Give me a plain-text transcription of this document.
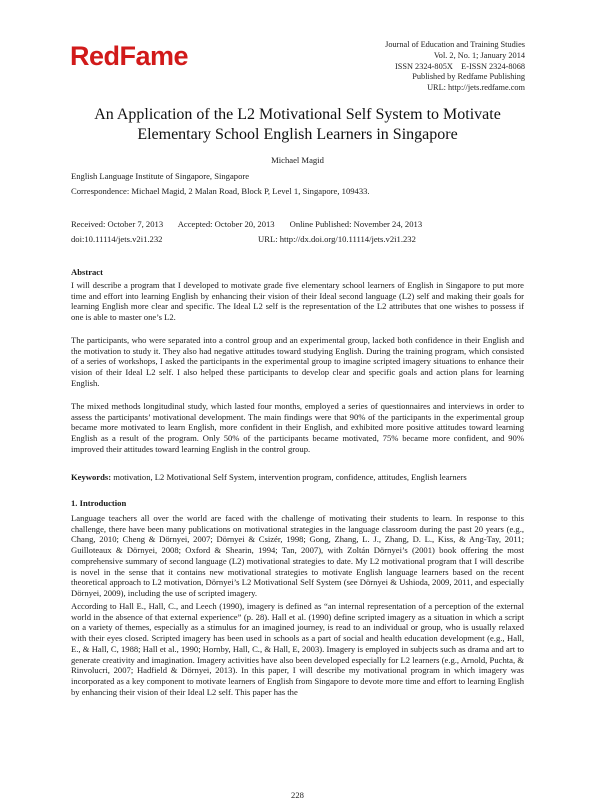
RedFame	Journal of Education and Training Studies
Vol. 2, No. 1; January 2014
ISSN 2324-805X    E-ISSN 2324-8068
Published by Redfame Publishing
URL: http://jets.redfame.com
An Application of the L2 Motivational Self System to Motivate Elementary School English Learners in Singapore
Michael Magid
English Language Institute of Singapore, Singapore
Correspondence: Michael Magid, 2 Malan Road, Block P, Level 1, Singapore, 109433.
Received: October 7, 2013 Accepted: October 20, 2013 Online Published: November 24, 2013
doi:10.11114/jets.v2i1.232	URL: http://dx.doi.org/10.11114/jets.v2i1.232
Abstract
I will describe a program that I developed to motivate grade five elementary school learners of English in Singapore to put more time and effort into learning English by enhancing their vision of their Ideal second language (L2) self and making their goals for learning English more clear and specific. The Ideal L2 self is the representation of the L2 attributes that one wishes to possess if one is able to master one’s L2.
The participants, who were separated into a control group and an experimental group, lacked both confidence in their English and the motivation to study it. They also had negative attitudes toward studying English. During the training program, which consisted of a series of workshops, I asked the participants in the experimental group to imagine scripted imagery situations to enhance their vision of their Ideal L2 self. I also helped these participants to develop clear and specific goals and action plans for learning English.
The mixed methods longitudinal study, which lasted four months, employed a series of questionnaires and interviews in order to assess the participants’ motivational development. The main findings were that 90% of the participants in the experimental group became more motivated to learn English, more confident in their English, and exhibited more positive attitudes toward learning English as a result of the program. Only 50% of the participants became motivated, 75% became more confident, and 90% improved their attitudes toward learning English in the control group.
Keywords: motivation, L2 Motivational Self System, intervention program, confidence, attitudes, English learners
1. Introduction
Language teachers all over the world are faced with the challenge of motivating their students to learn. In response to this challenge, there have been many publications on motivational strategies in the language classroom during the past 20 years (e.g., Chang, 2010; Cheng & Dörnyei, 2007; Dörnyei & Csizér, 1998; Gong, Zhang, L. J., Zhang, D. L., Kiss, & Ang-Tay, 2011; Guilloteaux & Dörnyei, 2008; Oxford & Shearin, 1994; Tan, 2007), with Zoltán Dörnyei’s (2001) book offering the most comprehensive summary of second language (L2) motivational strategies to date. My L2 motivational program that I will describe is novel in the sense that it contains new motivational strategies to motivate English language learners based on the recent theoretical approach to L2 motivation, Dörnyei’s L2 Motivational Self System (see Dörnyei & Ushioda, 2009, 2011, and especially Dörnyei, 2009), including the use of scripted imagery.
According to Hall E., Hall, C., and Leech (1990), imagery is defined as “an internal representation of a perception of the external world in the absence of that external experience” (p. 28). Hall et al. (1990) define scripted imagery as a situation in which a script on a variety of themes, especially as a stimulus for an imagined journey, is read to an individual or group, who is usually relaxed with their eyes closed. Scripted imagery has been used in schools as a part of social and health education development (e.g., Hall, E., & Hall, C, 1988; Hall et al., 1990; Hornby, Hall, C., & Hall, E, 2003). Imagery is employed in subjects such as drama and art to generate creativity and imagination. Imagery activities have also been developed especially for L2 learners (e.g., Arnold, Puchta, & Rinvolucri, 2007; Hadfield & Dörnyei, 2013). In this paper, I will describe my motivational program in which imagery was incorporated as a key component to motivate learners of English from Singapore to devote more time and effort to learning English by enhancing their vision of their Ideal L2 self. This paper has the
228
